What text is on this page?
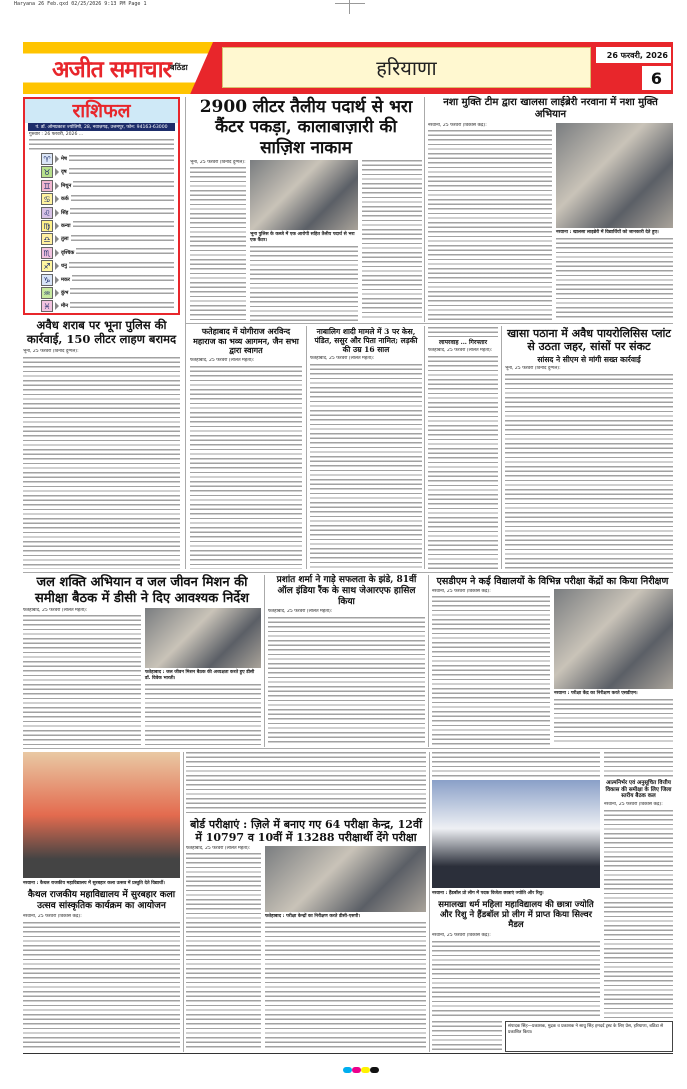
Haryana 26 Feb.qxd 02/25/2026 9:13 PM Page 1
अजीत समाचार बठिंडा	हरियाणा
26 फरवरी, 2026
6
राशिफल
पं. डॉ. ओमप्रकाश ज्योतिषी, 28, नवाज़गढ़, उत्तमपुर, फोन: 94163-63000
गुरुवार : 26 फरवरी, 2026 ...
♈	मेष
♉	वृष
♊	मिथुन
♋	कर्क
♌	सिंह
♍	कन्या
♎	तुला
♏	वृश्चिक
♐	धनु
♑	मकर
♒	कुंभ
♓	मीन
2900 लीटर तैलीय पदार्थ से भरा कैंटर पकड़ा, कालाबाज़ारी की साज़िश नाकाम
भूना, 25 फरवरी (विनोद दुग्गल):
भूना पुलिस के कब्जे में एक आरोपी सहित तैलीय पदार्थ से भरा एक कैंटर।
नशा मुक्ति टीम द्वारा खालसा लाईब्रेरी नरवाना में नशा मुक्ति अभियान
नरवाना, 25 फरवरी (विकास केंद्र):
नरवाना : खालसा लाइब्रेरी में विद्यार्थियों को जानकारी देते हुए।
अवैध शराब पर भूना पुलिस की कार्रवाई, 150 लीटर लाहण बरामद
भूना, 25 फरवरी (विनोद दुग्गल):
फतेहाबाद में योगीराज अरविन्द महाराज का भव्य आगमन, जैन सभा द्वारा स्वागत
फतेहाबाद, 25 फरवरी (ललित मैहता):
नाबालिग शादी मामले में 3 पर केस, पंडित, ससुर और पिता नामित; लड़की की उम्र 16 साल
फतेहाबाद, 25 फरवरी (ललित मैहता):
लापरवाह ... गिरफ्तार
फतेहाबाद, 25 फरवरी (ललित मैहता):
खासा पठाना में अवैध पायरोलिसिस प्लांट से उठता जहर, सांसों पर संकट
सांसद ने सीएम से मांगी सख्त कार्रवाई
भूना, 25 फरवरी (विनोद दुग्गल):
जल शक्ति अभियान व जल जीवन मिशन की समीक्षा बैठक में डीसी ने दिए आवश्यक निर्देश
फतेहाबाद, 25 फरवरी (ललित मैहता):
फतेहाबाद : जल जीवन मिशन बैठक की अध्यक्षता करते हुए डीसी डॉ. विवेक भारती।
प्रशांत शर्मा ने गाड़े सफलता के झंडे, 81वीं ऑल इंडिया रैंक के साथ जेआरएफ हासिल किया
फतेहाबाद, 25 फरवरी (ललित मैहता):
एसडीएम ने कई विद्यालयों के विभिन्न परीक्षा केंद्रों का किया निरीक्षण
नरवाना, 25 फरवरी (विकास केंद्र):
नरवाना : परीक्षा केंद्र का निरीक्षण करते एसडीएम।
नरवाना : कैथल राजकीय महाविद्यालय में सुरबहार कला उत्सव में प्रस्तुति देते विद्यार्थी।
कैथल राजकीय महाविद्यालय में सुरबहार कला उत्सव सांस्कृतिक कार्यक्रम का आयोजन
नरवाना, 25 फरवरी (विकास केंद्र):
बोर्ड परीक्षाएं : ज़िले में बनाए गए 64 परीक्षा केन्द्र, 12वीं में 10797 व 10वीं में 13288 परीक्षार्थी देंगे परीक्षा
फतेहाबाद, 25 फरवरी (ललित मैहता):
फतेहाबाद : परीक्षा केन्द्रों का निरीक्षण करते डीसी-एसपी।
नरवाना : हैंडबॉल प्रो लीग में पदक विजेता छात्राएं ज्योति और रिशु।
समालखा धर्म महिला महाविद्यालय की छात्रा ज्योति और रिशु ने हैंडबॉल प्रो लीग में प्राप्त किया सिल्वर मैडल
नरवाना, 25 फरवरी (विकास केंद्र):
आत्मनिर्भर एवं अनुसूचित वित्तीय विकास की समीक्षा के लिए जिला स्तरीय बैठक कल
नरवाना, 25 फरवरी (विकास केंद्र):
संपादक सिंह—प्रकाशक, मुद्रक व प्रकाशक ने साधु सिंह हमदर्द ट्रस्ट के लिए प्रेस, हरियाणा, बठिंडा से प्रकाशित किया।
